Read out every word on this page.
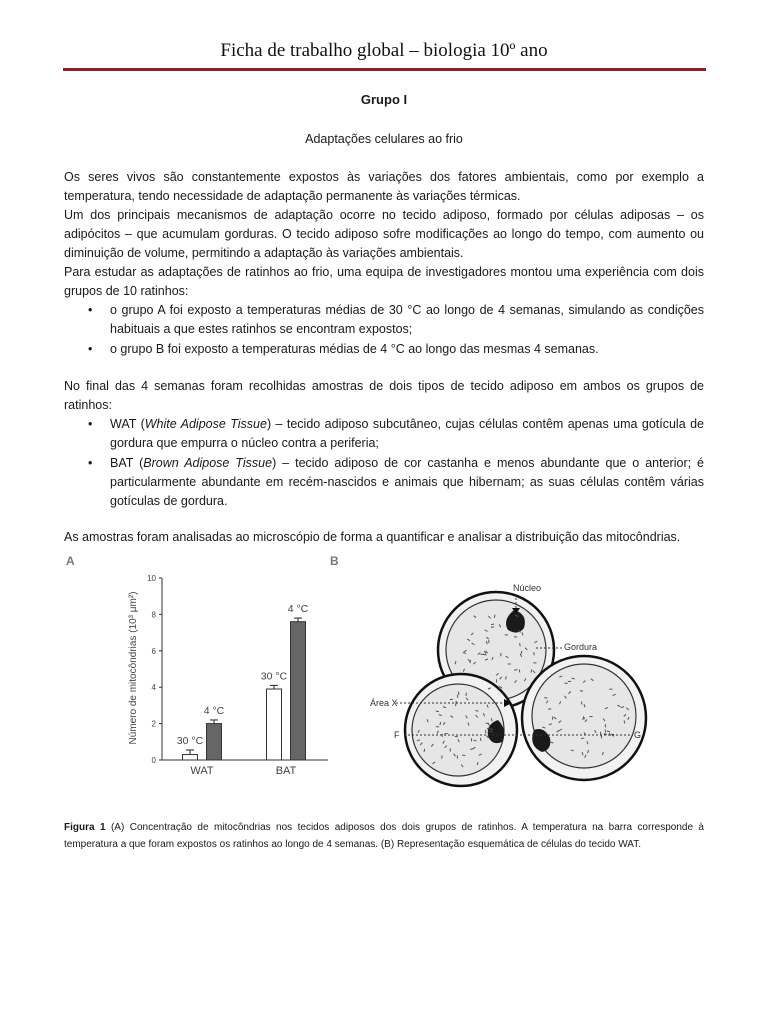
Ficha de trabalho global – biologia 10º ano
Grupo I
Adaptações celulares ao frio

Os seres vivos são constantemente expostos às variações dos fatores ambientais, como por exemplo a temperatura, tendo necessidade de adaptação permanente às variações térmicas.

Um dos principais mecanismos de adaptação ocorre no tecido adiposo, formado por células adiposas – os adipócitos – que acumulam gorduras. O tecido adiposo sofre modificações ao longo do tempo, com aumento ou diminuição de volume, permitindo a adaptação às variações ambientais.

Para estudar as adaptações de ratinhos ao frio, uma equipa de investigadores montou uma experiência com dois grupos de 10 ratinhos:

• o grupo A foi exposto a temperaturas médias de 30 °C ao longo de 4 semanas, simulando as condições habituais a que estes ratinhos se encontram expostos;
• o grupo B foi exposto a temperaturas médias de 4 °C ao longo das mesmas 4 semanas.

No final das 4 semanas foram recolhidas amostras de dois tipos de tecido adiposo em ambos os grupos de ratinhos:

• WAT (White Adipose Tissue) – tecido adiposo subcutâneo, cujas células contêm apenas uma gotícula de gordura que empurra o núcleo contra a periferia;
• BAT (Brown Adipose Tissue) – tecido adiposo de cor castanha e menos abundante que o anterior; é particularmente abundante em recém-nascidos e animais que hibernam; as suas células contêm várias gotículas de gordura.

As amostras foram analisadas ao microscópio de forma a quantificar e analisar a distribuição das mitocôndrias.

A	B
Número de mitocôndrias (10³ μm²)
0
2
4
6
8
10
WAT
30 °C
4 °C
BAT
30 °C
4 °C
Núcleo
Gordura
Área X
F	G

Figura 1 (A) Concentração de mitocôndrias nos tecidos adiposos dos dois grupos de ratinhos. A temperatura na barra corresponde à temperatura a que foram expostos os ratinhos ao longo de 4 semanas. (B) Representação esquemática de células do tecido WAT.
